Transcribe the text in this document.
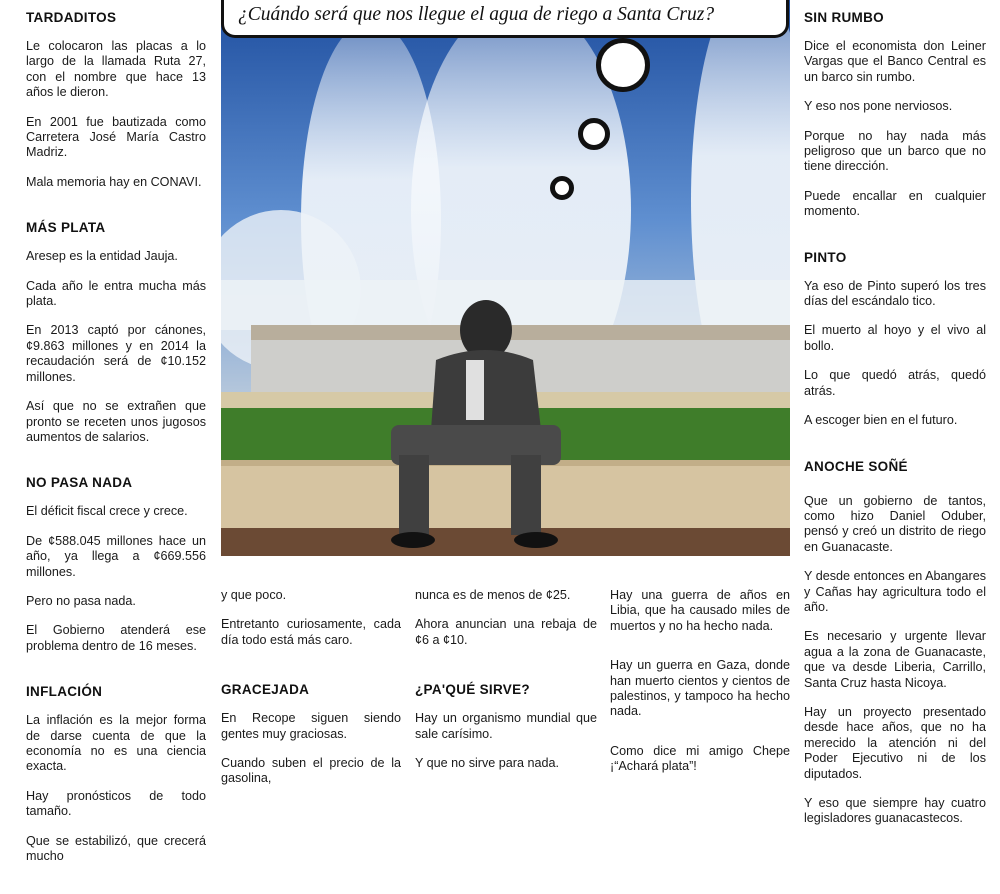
TARDADITOS

Le colocaron las placas a lo largo de la llamada Ruta 27, con el nombre que hace 13 años le dieron.

En 2001 fue bautizada como Carretera José María Castro Madriz.

Mala memoria hay en CONAVI.

MÁS PLATA

Aresep es la entidad Jauja.

Cada año le entra mucha más plata.

En 2013 captó por cánones, ¢9.863 millones y en 2014 la recaudación será de ¢10.152 millones.

Así que no se extrañen que pronto se receten unos jugosos aumentos de salarios.

NO PASA NADA

El déficit fiscal crece y crece.

De ¢588.045 millones hace un año, ya llega a ¢669.556 millones.

Pero no pasa nada.

El Gobierno atenderá ese problema dentro de 16 meses.

INFLACIÓN

La inflación es la mejor forma de darse cuenta de que la economía no es una ciencia exacta.

Hay pronósticos de todo tamaño.

Que se estabilizó, que crecerá mucho

¿Cuándo será que nos llegue el agua de riego a Santa Cruz?

y que poco.

Entretanto curiosamente, cada día todo está más caro.

GRACEJADA

En Recope siguen siendo gentes muy graciosas.

Cuando suben el precio de la gasolina,

nunca es de menos de ¢25.

Ahora anuncian una rebaja de ¢6 a ¢10.

¿PA'QUÉ SIRVE?

Hay un organismo mundial que sale carísimo.

Y que no sirve para nada.

Hay una guerra de años en Libia, que ha causado miles de muertos y no ha hecho nada.

Hay un guerra en Gaza, donde han muerto cientos y cientos de palestinos, y tampoco ha hecho nada.

Como dice mi amigo Chepe ¡“Achará plata”!

SIN RUMBO

Dice el economista don Leiner Vargas que el Banco Central es un barco sin rumbo.

Y eso nos pone nerviosos.

Porque no hay nada más peligroso que un barco que no tiene dirección.

Puede encallar en cualquier momento.

PINTO

Ya eso de Pinto superó los tres días del escándalo tico.

El muerto al hoyo y el vivo al bollo.

Lo que quedó atrás, quedó atrás.

A escoger bien en el futuro.

ANOCHE SOÑÉ

Que un gobierno de tantos, como hizo Daniel Oduber, pensó y creó un distrito de riego en Guanacaste.

Y desde entonces en Abangares y Cañas hay agricultura todo el año.

Es necesario y urgente llevar agua a la zona de Guanacaste, que va desde Liberia, Carrillo, Santa Cruz hasta Nicoya.

Hay un proyecto presentado desde hace años, que no ha merecido la atención ni del Poder Ejecutivo ni de los diputados.

Y eso que siempre hay cuatro legisladores guanacastecos.
